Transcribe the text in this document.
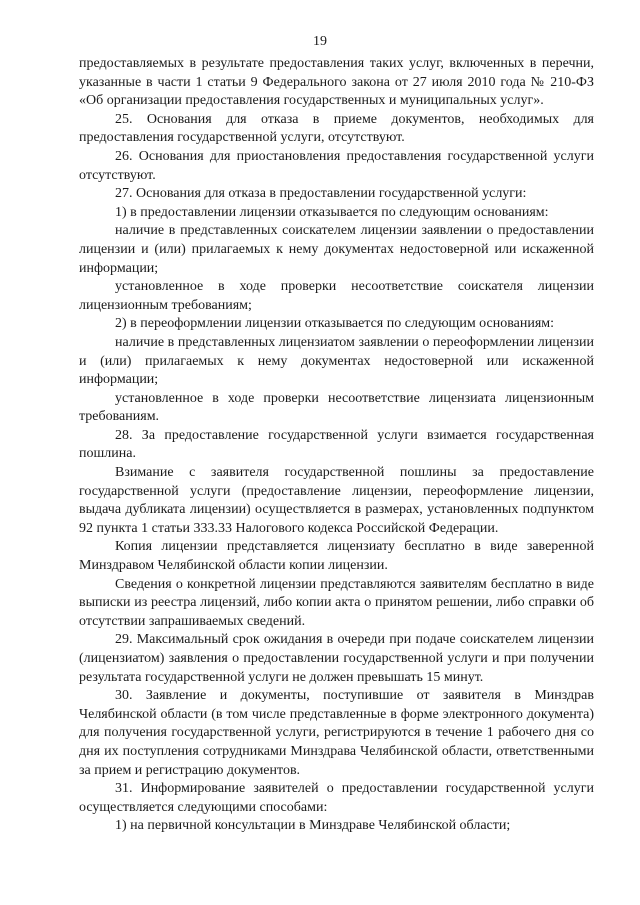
19

предоставляемых в результате предоставления таких услуг, включенных в перечни, указанные в части 1 статьи 9 Федерального закона от 27 июля 2010 года № 210-ФЗ «Об организации предоставления государственных и муниципальных услуг».

25. Основания для отказа в приеме документов, необходимых для предоставления государственной услуги, отсутствуют.

26. Основания для приостановления предоставления государственной услуги отсутствуют.

27. Основания для отказа в предоставлении государственной услуги:

1) в предоставлении лицензии отказывается по следующим основаниям:

наличие в представленных соискателем лицензии заявлении о предоставлении лицензии и (или) прилагаемых к нему документах недостоверной или искаженной информации;

установленное в ходе проверки несоответствие соискателя лицензии лицензионным требованиям;

2) в переоформлении лицензии отказывается по следующим основаниям:

наличие в представленных лицензиатом заявлении о переоформлении лицензии и (или) прилагаемых к нему документах недостоверной или искаженной информации;

установленное в ходе проверки несоответствие лицензиата лицензионным требованиям.

28. За предоставление государственной услуги взимается государственная пошлина.

Взимание с заявителя государственной пошлины за предоставление государственной услуги (предоставление лицензии, переоформление лицензии, выдача дубликата лицензии) осуществляется в размерах, установленных подпунктом 92 пункта 1 статьи 333.33 Налогового кодекса Российской Федерации.

Копия лицензии представляется лицензиату бесплатно в виде заверенной Минздравом Челябинской области копии лицензии.

Сведения о конкретной лицензии представляются заявителям бесплатно в виде выписки из реестра лицензий, либо копии акта о принятом решении, либо справки об отсутствии запрашиваемых сведений.

29. Максимальный срок ожидания в очереди при подаче соискателем лицензии (лицензиатом) заявления о предоставлении государственной услуги и при получении результата государственной услуги не должен превышать 15 минут.

30. Заявление и документы, поступившие от заявителя в Минздрав Челябинской области (в том числе представленные в форме электронного документа) для получения государственной услуги, регистрируются в течение 1 рабочего дня со дня их поступления сотрудниками Минздрава Челябинской области, ответственными за прием и регистрацию документов.

31. Информирование заявителей о предоставлении государственной услуги осуществляется следующими способами:

1) на первичной консультации в Минздраве Челябинской области;
